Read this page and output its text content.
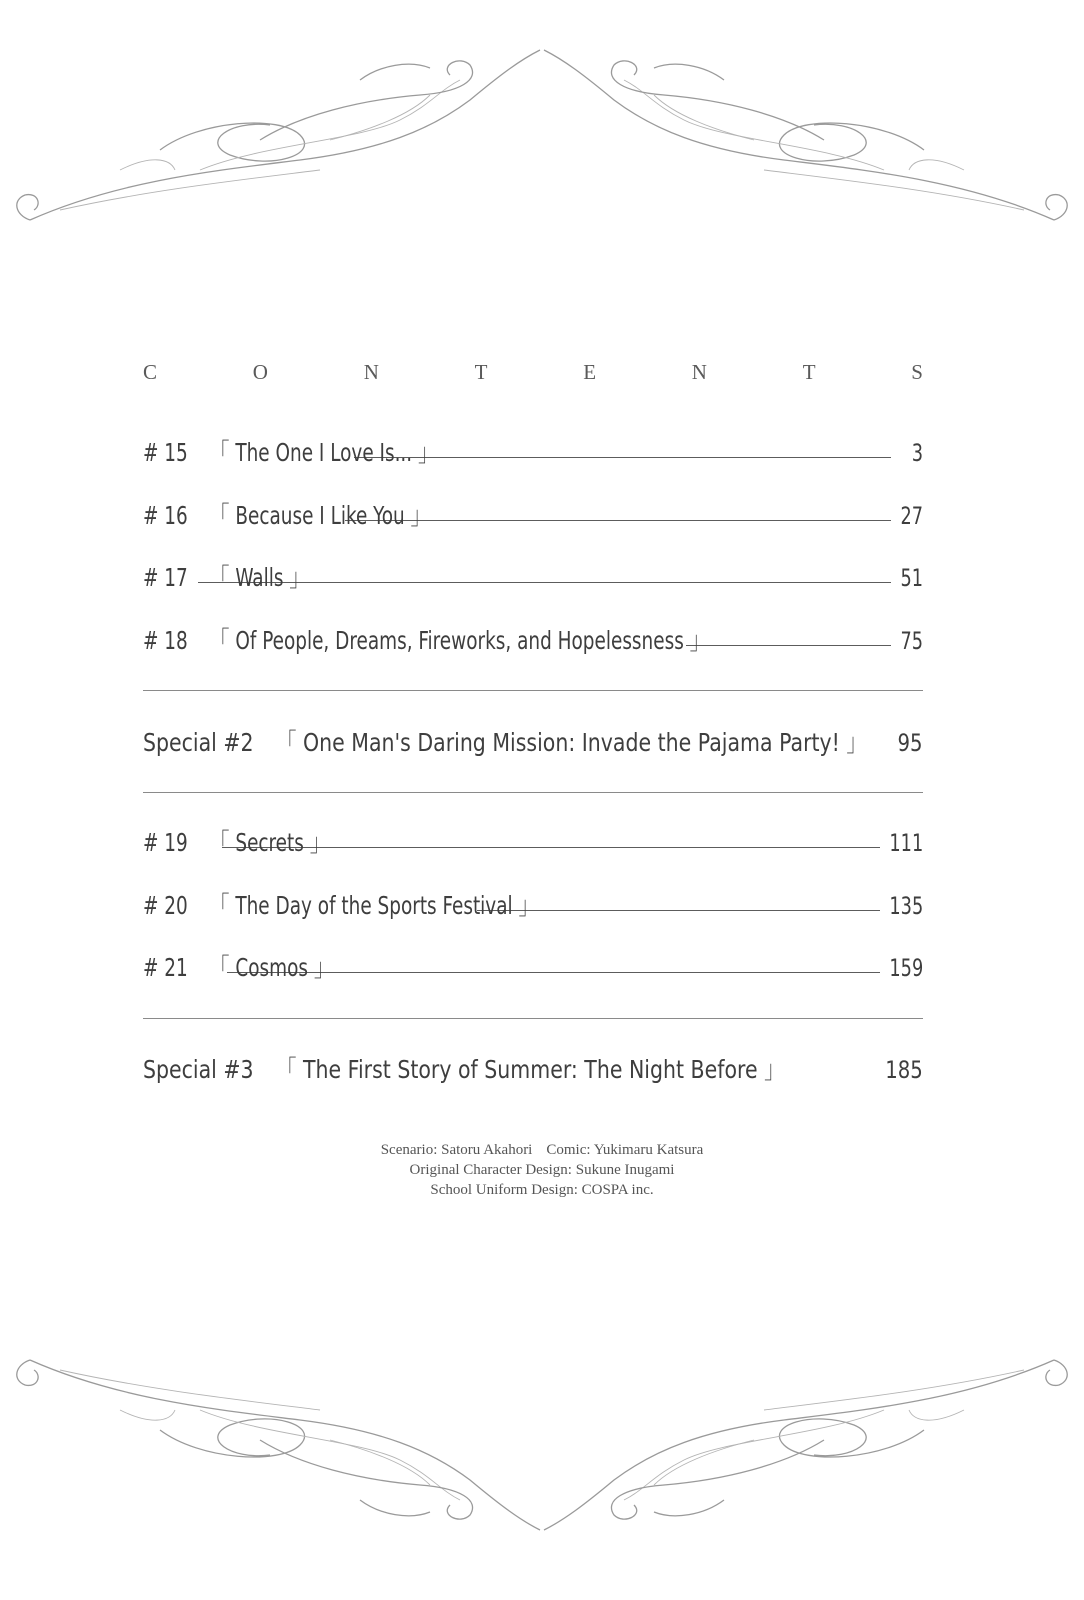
C	O	N	T	E	N	T	S
# 15 「 The One I Love Is... 」	3
# 16 「 Because I Like You 」	27
# 17 「 Walls 」	51
# 18 「 Of People, Dreams, Fireworks, and Hopelessness 」	75
Special #2 「 One Man's Daring Mission: Invade the Pajama Party! 」 95
# 19 「 Secrets 」	111
# 20 「 The Day of the Sports Festival 」	135
# 21 「 Cosmos 」	159
Special #3 「 The First Story of Summer: The Night Before 」	185
Scenario: Satoru Akahori Comic: Yukimaru Katsura
Original Character Design: Sukune Inugami
School Uniform Design: COSPA inc.
